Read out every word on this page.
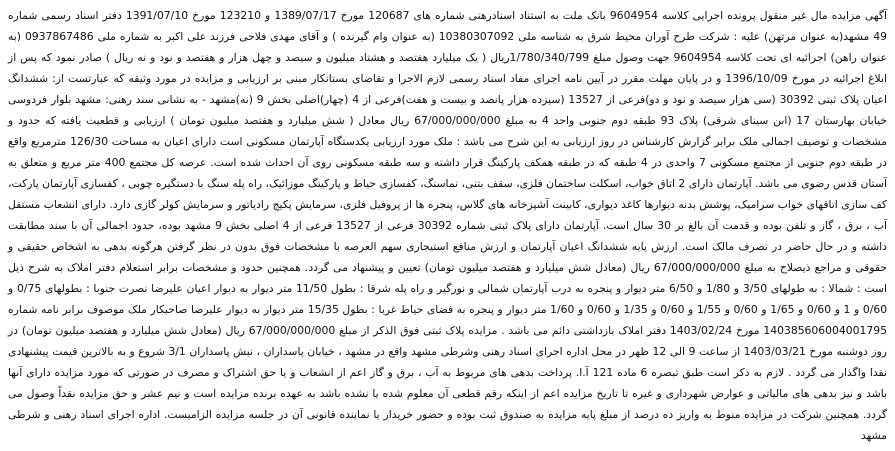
آگهی مزایده مال غیر منقول پرونده اجرایی کلاسه 9604954 بانک ملت به استناد اسنادرهنی شماره های 120687 مورخ 1389/07/17 و 123210 مورخ 1391/07/10 دفتر اسناد رسمی شماره 49 مشهد(به عنوان مرتهن) علیه : شرکت طرح آوران محیط شرق به شناسه ملی 10380307092 (به عنوان وام گیرنده ) و آقای مهدی فلاحی فرزند علی اکبر به شماره ملی 0937867486 (به عنوان راهن) اجرائیه ای تحت کلاسه 9604954 جهت وصول مبلغ 1/780/340/799ریال ( یک میلیارد هفتصد و هشتاد میلیون و سیصد و چهل هزار و هفتصد و نود و نه ریال ) صادر نمود که پس از ابلاغ اجرائیه در مورخ 1396/10/09 و در پایان مهلت مقرر در آیین نامه اجرای مفاد اسناد رسمی لازم الاجرا و تقاضای بستانکار مبنی بر ارزیابی و مزایده در مورد وثیقه که عبارتست از: ششدانگ اعیان پلاک ثبتی 30392 (سی هزار سیصد و نود و دو)فرعی از 13527 (سیزده هزار پانصد و بیست و هفت)فرعی از 4 (چهار)اصلی بخش 9 (نه)مشهد - به نشانی سند رهنی: مشهد بلوار فردوسی خیابان بهارستان 17 (ابن سینای شرقی) پلاک 93 طبقه دوم جنوبی واحد 4 به مبلغ 67/000/000/000 ریال معادل ( شش میلیارد و هفتصد میلیون تومان ) ارزیابی و قطعیت یافته که حدود و مشخصات و توصیف اجمالی ملک برابر گزارش کارشناس در روز ارزیابی به این شرح می باشد : ملک مورد ارزیابی یکدستگاه آپارتمان مسکونی است دارای اعیان به مساحت 126/30 مترمربع واقع در طبقه دوم جنوبی از مجتمع مسکونی 7 واحدی در 4 طبقه که در طبقه همکف پارکینگ قرار داشته و سه طبقه مسکونی روی آن احداث شده است. عرصه کل مجتمع 400 متر مربع و متعلق به آستان قدس رضوی می باشد. آپارتمان دارای 2 اتاق خواب، اسکلت ساختمان فلزی، سقف بتنی، نماسنگ، کفسازی حیاط و پارکینگ موزائیک، راه پله سنگ با دستگیره چوبی ، کفسازی آپارتمان پارکت، کف سازی اتاقهای خواب سرامیک، پوشش بدنه دیوارها کاغذ دیواری، کابینت آشپزخانه های گلاس، پنجره ها از پروفیل فلزی، سرمایش پکیج رادیاتور و سرمایش کولر گازی دارد. دارای انشعاب مستقل آب ، برق ، گاز و تلفن بوده و قدمت آن بالغ بر 30 سال است. آپارتمان دارای پلاک ثبتی شماره 30392 فرعی از 13527 فرعی از 4 اصلی بخش 9 مشهد بوده، حدود اجمالی آن با سند مطابقت داشته و در حال حاضر در تصرف مالک است. ارزش پایه ششدانگ اعیان آپارتمان و ارزش منافع استیجاری سهم العرصه با مشخصات فوق بدون در نظر گرفتن هرگونه بدهی به اشخاص حقیقی و حقوقی و مراجع ذیصلاح به مبلغ 67/000/000/000 ریال (معادل شش میلیارد و هفتصد میلیون تومان) تعیین و پیشنهاد می گردد. همچنین حدود و مشخصات برابر استعلام دفتر املاک به شرح ذیل است : شمالا : به طولهای 3/50 و 1/80 و 6/50 متر دیوار و پنجره به درب آپارتمان شمالی و نورگیر و راه پله شرقا : بطول 11/50 متر دیوار به دیوار اعیان علیرضا نصرت جنوبا : بطولهای 0/75 و 0/60 و 1 و 0/60 و 1/65 و 0/60 و 1/55 و 0/60 و 1/35 و 0/60 و 1/60 متر دیوار و پنجره به فضای حیاط غربا : بطول 15/35 متر دیوار به دیوار علیرضا صاحبکار ملک موصوف برابر نامه شماره 140385606004001795 مورخ 1403/02/24 دفتر املاک بازداشتی دائم می باشد . مزایده پلاک ثبتی فوق الذکر از مبلغ 67/000/000/000 ریال (معادل شش میلیارد و هفتصد میلیون تومان) در روز دوشنبه مورخ 1403/03/21 از ساعت 9 الی 12 ظهر در محل اداره اجرای اسناد رهنی وشرطی مشهد واقع در مشهد ، خیابان پاسداران ، نبش پاسداران 3/1 شروع و به بالاترین قیمت پیشنهادی نقدا واگذار می گردد . لازم به ذکر است طبق تبصره 6 ماده 121 آ.ا. پرداخت بدهی های مربوط به آب ، برق و گاز اعم از انشعاب و یا حق اشتراک و مصرف در صورتی که مورد مزایده دارای آنها باشد و نیز بدهی های مالیاتی و عوارض شهرداری و غیره تا تاریخ مزایده اعم از اینکه رقم قطعی آن معلوم شده یا نشده باشد به عهده برنده مزایده است و نیم عشر و حق مزایده نقداً وصول می گردد. همچنین شرکت در مزایده منوط به واریز ده درصد از مبلغ پایه مزایده به صندوق ثبت بوده و حضور خریدار یا نماینده قانونی آن در جلسه مزایده الزامیست. اداره اجرای اسناد رهنی و شرطی مشهد
